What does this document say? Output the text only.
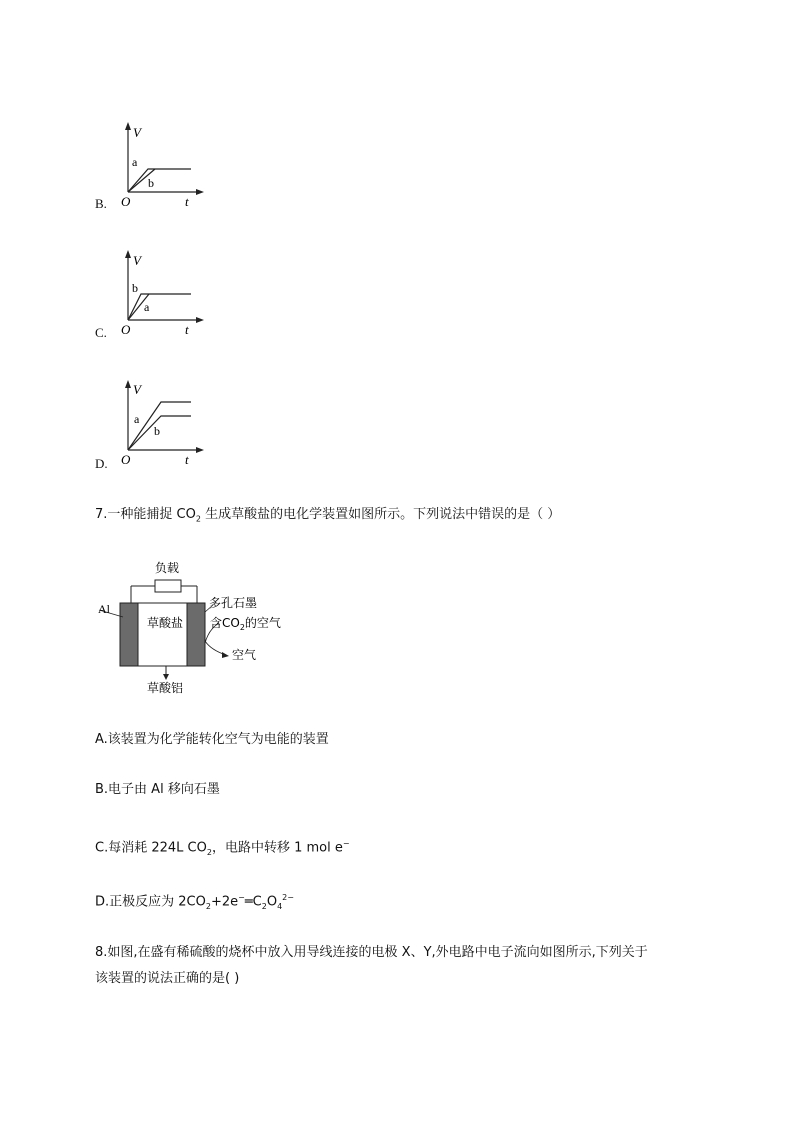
B.
V
t
O
a
b
C.
V
t
O
b
a
D.
V
t
O
a
b
7.一种能捕捉 $CO_2$ 生成草酸盐的电化学装置如图所示。下列说法中错误的是（ ）
负载
Al	多孔石墨
草酸盐 含$CO_2$的空气
空气
草酸铝
A.该装置为化学能转化空气为电能的装置
B.电子由 Al 移向石墨
C.每消耗 224L $CO_2$，电路中转移 1 mol e−
D.正极反应为 $2CO_2+2e^-═C_2O_4^{2-}$
8.如图,在盛有稀硫酸的烧杯中放入用导线连接的电极 X、Y,外电路中电子流向如图所示,下列关于
该装置的说法正确的是( )
